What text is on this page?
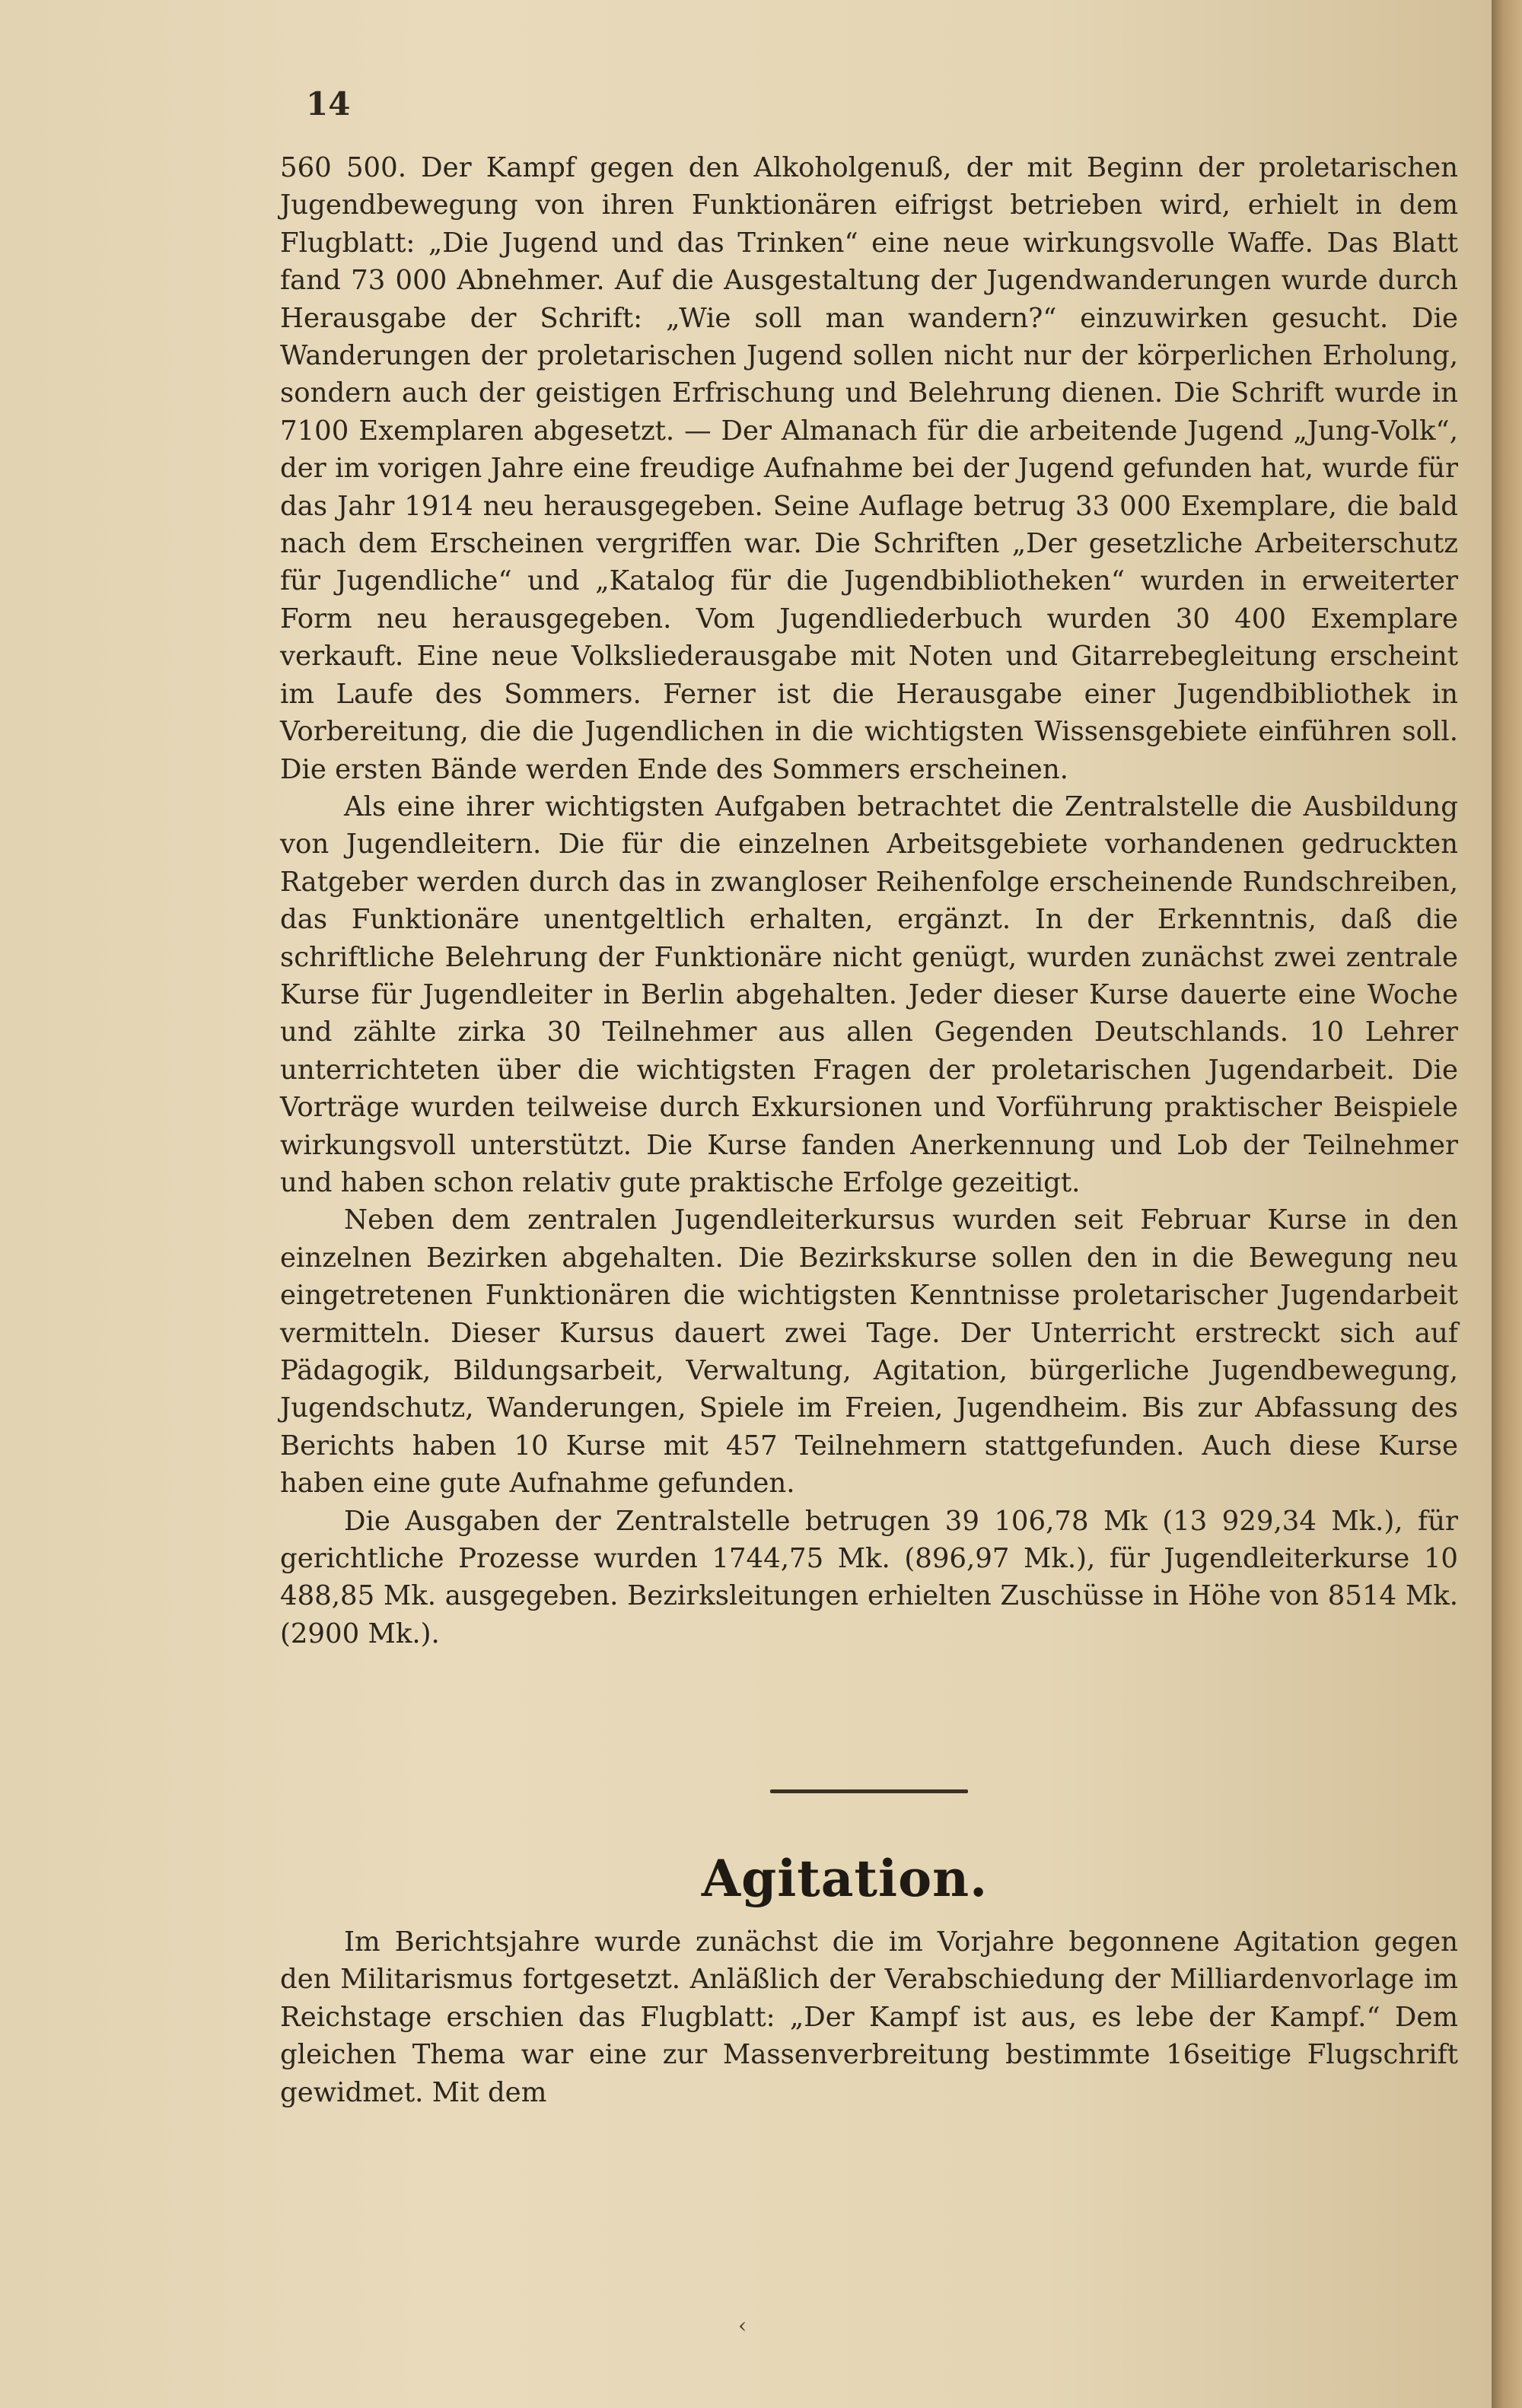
14

560 500. Der Kampf gegen den Alkoholgenuß, der mit Beginn der proletarischen Jugendbewegung von ihren Funktionären eifrigst betrieben wird, erhielt in dem Flugblatt: „Die Jugend und das Trinken“ eine neue wirkungsvolle Waffe. Das Blatt fand 73 000 Abnehmer. Auf die Ausgestaltung der Jugendwanderungen wurde durch Herausgabe der Schrift: „Wie soll man wandern?“ einzuwirken gesucht. Die Wanderungen der proletarischen Jugend sollen nicht nur der körperlichen Erholung, sondern auch der geistigen Erfrischung und Belehrung dienen. Die Schrift wurde in 7100 Exemplaren abgesetzt. — Der Almanach für die arbeitende Jugend „Jung-Volk“, der im vorigen Jahre eine freudige Aufnahme bei der Jugend gefunden hat, wurde für das Jahr 1914 neu herausgegeben. Seine Auflage betrug 33 000 Exemplare, die bald nach dem Erscheinen vergriffen war. Die Schriften „Der gesetzliche Arbeiterschutz für Jugendliche“ und „Katalog für die Jugendbibliotheken“ wurden in erweiterter Form neu herausgegeben. Vom Jugendliederbuch wurden 30 400 Exemplare verkauft. Eine neue Volksliederausgabe mit Noten und Gitarrebegleitung erscheint im Laufe des Sommers. Ferner ist die Herausgabe einer Jugendbibliothek in Vorbereitung, die die Jugendlichen in die wichtigsten Wissensgebiete einführen soll. Die ersten Bände werden Ende des Sommers erscheinen.

Als eine ihrer wichtigsten Aufgaben betrachtet die Zentralstelle die Ausbildung von Jugendleitern. Die für die einzelnen Arbeitsgebiete vorhandenen gedruckten Ratgeber werden durch das in zwangloser Reihenfolge erscheinende Rundschreiben, das Funktionäre unentgeltlich erhalten, ergänzt. In der Erkenntnis, daß die schriftliche Belehrung der Funktionäre nicht genügt, wurden zunächst zwei zentrale Kurse für Jugendleiter in Berlin abgehalten. Jeder dieser Kurse dauerte eine Woche und zählte zirka 30 Teilnehmer aus allen Gegenden Deutschlands. 10 Lehrer unterrichteten über die wichtigsten Fragen der proletarischen Jugendarbeit. Die Vorträge wurden teilweise durch Exkursionen und Vorführung praktischer Beispiele wirkungsvoll unterstützt. Die Kurse fanden Anerkennung und Lob der Teilnehmer und haben schon relativ gute praktische Erfolge gezeitigt.

Neben dem zentralen Jugendleiterkursus wurden seit Februar Kurse in den einzelnen Bezirken abgehalten. Die Bezirkskurse sollen den in die Bewegung neu eingetretenen Funktionären die wichtigsten Kenntnisse proletarischer Jugendarbeit vermitteln. Dieser Kursus dauert zwei Tage. Der Unterricht erstreckt sich auf Pädagogik, Bildungsarbeit, Verwaltung, Agitation, bürgerliche Jugendbewegung, Jugendschutz, Wanderungen, Spiele im Freien, Jugendheim. Bis zur Abfassung des Berichts haben 10 Kurse mit 457 Teilnehmern stattgefunden. Auch diese Kurse haben eine gute Aufnahme gefunden.

Die Ausgaben der Zentralstelle betrugen 39 106,78 Mk (13 929,34 Mk.), für gerichtliche Prozesse wurden 1744,75 Mk. (896,97 Mk.), für Jugendleiterkurse 10 488,85 Mk. ausgegeben. Bezirksleitungen erhielten Zuschüsse in Höhe von 8514 Mk. (2900 Mk.).

Agitation.

Im Berichtsjahre wurde zunächst die im Vorjahre begonnene Agitation gegen den Militarismus fortgesetzt. Anläßlich der Verabschiedung der Milliardenvorlage im Reichstage erschien das Flugblatt: „Der Kampf ist aus, es lebe der Kampf.“ Dem gleichen Thema war eine zur Massenverbreitung bestimmte 16seitige Flugschrift gewidmet. Mit dem

‹
